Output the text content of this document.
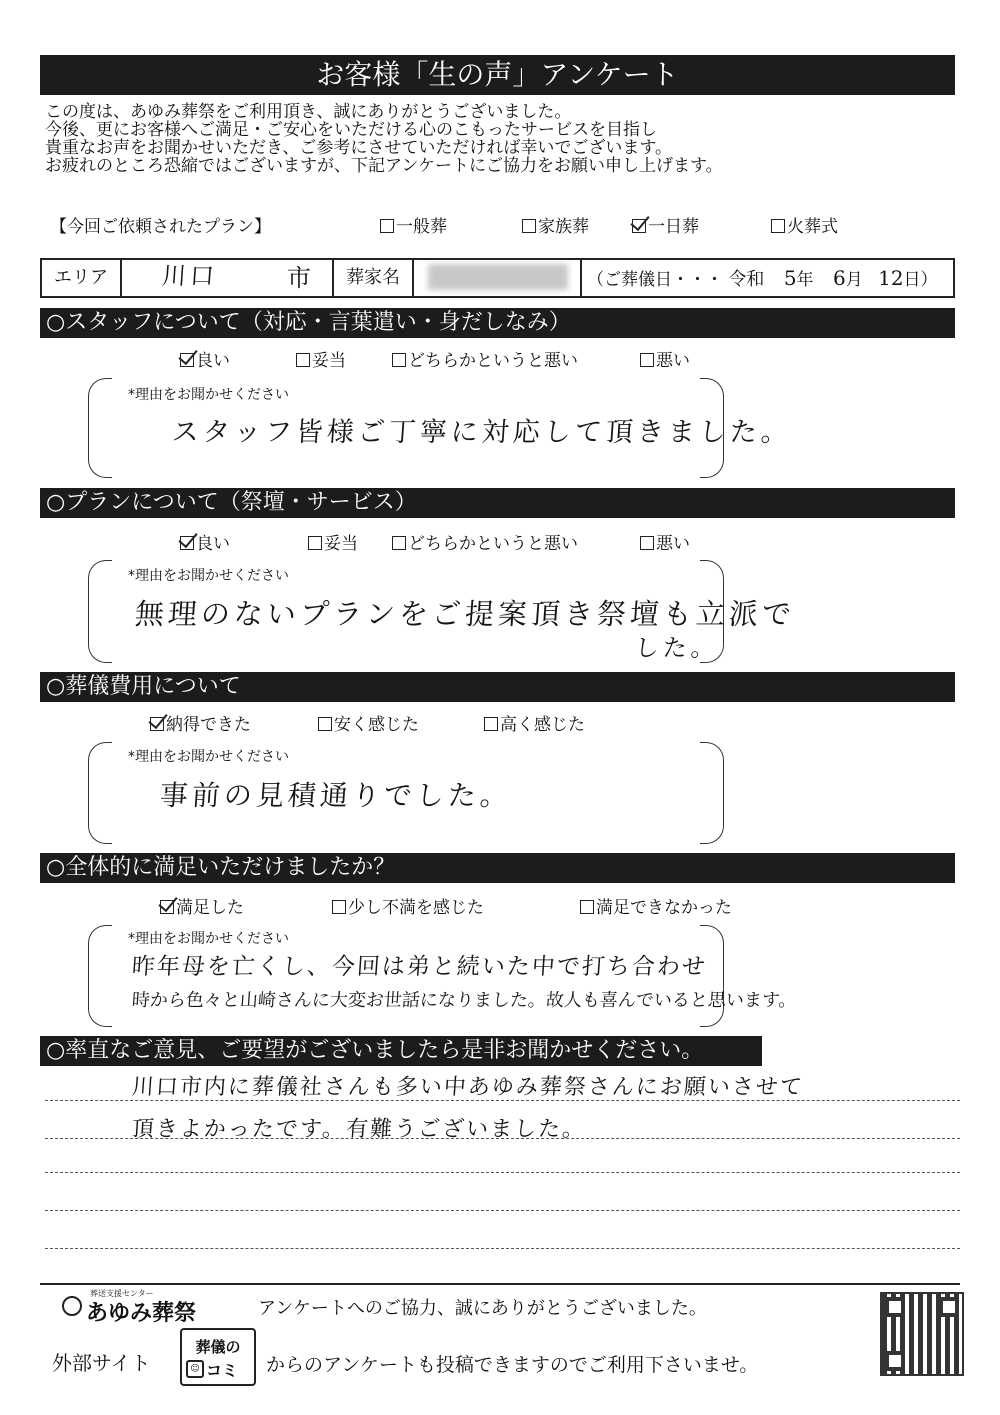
お客様「生の声」アンケート
この度は、あゆみ葬祭をご利用頂き、誠にありがとうございました。
今後、更にお客様へご満足・ご安心をいただける心のこもったサービスを目指し
貴重なお声をお聞かせいただき、ご参考にさせていただければ幸いでございます。
お疲れのところ恐縮ではございますが、下記アンケートにご協力をお願い申し上げます。
【今回ご依頼されたプラン】	一般葬	家族葬	一日葬	火葬式
エリア	川口	市	葬家名	（ご葬儀日・・・ 令和 5年 6月 12日）
○スタッフについて（対応・言葉遣い・身だしなみ）
良い	妥当	どちらかというと悪い	悪い
*理由をお聞かせください
スタッフ皆様ご丁寧に対応して頂きました。
○プランについて（祭壇・サービス）
良い	妥当	どちらかというと悪い	悪い
*理由をお聞かせください
無理のないプランをご提案頂き祭壇も立派で
した。
○葬儀費用について
納得できた	安く感じた	高く感じた
*理由をお聞かせください
事前の見積通りでした。
○全体的に満足いただけましたか？
満足した	少し不満を感じた	満足できなかった
*理由をお聞かせください
昨年母を亡くし、今回は弟と続いた中で打ち合わせ
時から色々と山崎さんに大変お世話になりました。故人も喜んでいると思います。
○率直なご意見、ご要望がございましたら是非お聞かせください。
川口市内に葬儀社さんも多い中あゆみ葬祭さんにお願いさせて
頂きよかったです。有難うございました。
葬送支援センター
あゆみ葬祭	アンケートへのご協力、誠にありがとうございました。
外部サイト
葬儀の
☺ コミ からのアンケートも投稿できますのでご利用下さいませ。
